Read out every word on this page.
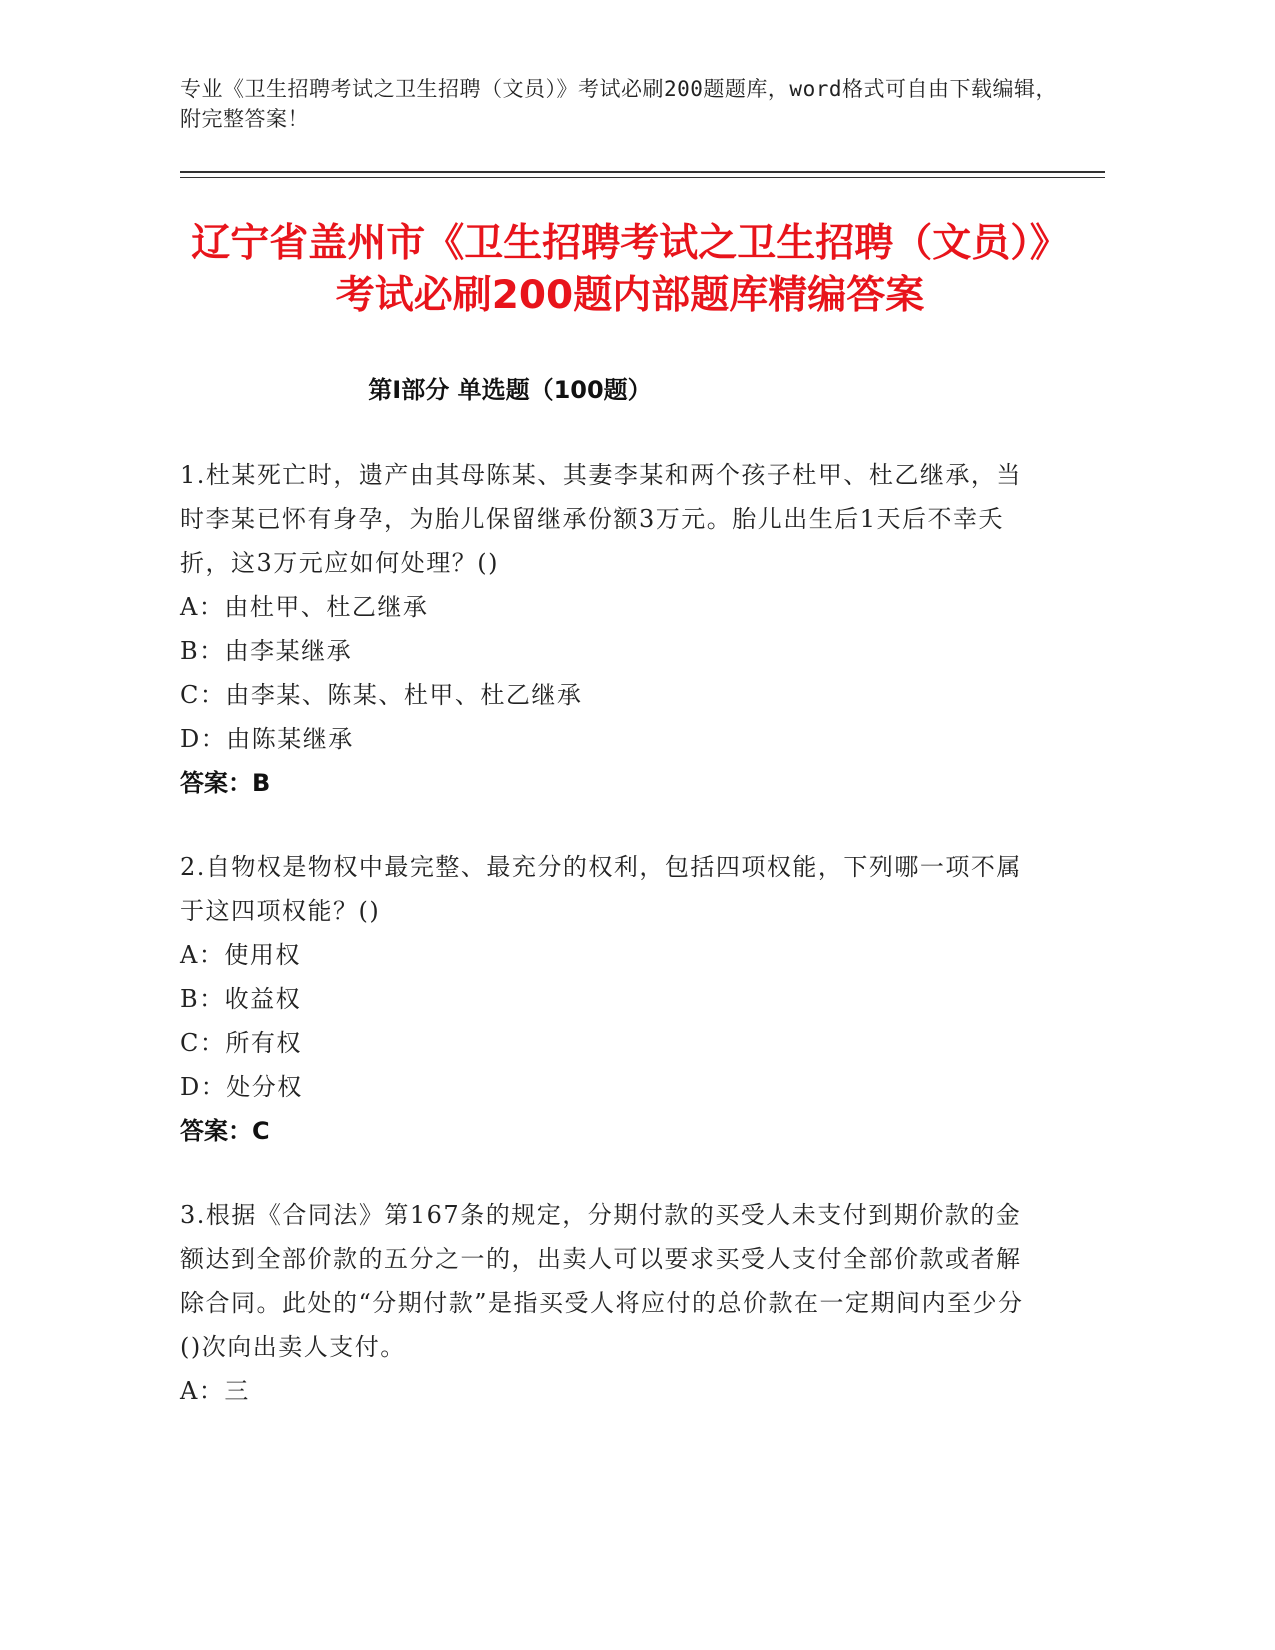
专业《卫生招聘考试之卫生招聘（文员）》考试必刷200题题库，word格式可自由下载编辑，附完整答案！
辽宁省盖州市《卫生招聘考试之卫生招聘（文员）》考试必刷200题内部题库精编答案
第I部分 单选题（100题）
1.杜某死亡时，遗产由其母陈某、其妻李某和两个孩子杜甲、杜乙继承，当时李某已怀有身孕，为胎儿保留继承份额3万元。胎儿出生后1天后不幸夭折，这3万元应如何处理？()
A：由杜甲、杜乙继承
B：由李某继承
C：由李某、陈某、杜甲、杜乙继承
D：由陈某继承
答案：B
2.自物权是物权中最完整、最充分的权利，包括四项权能，下列哪一项不属于这四项权能？()
A：使用权
B：收益权
C：所有权
D：处分权
答案：C
3.根据《合同法》第167条的规定，分期付款的买受人未支付到期价款的金额达到全部价款的五分之一的，出卖人可以要求买受人支付全部价款或者解除合同。此处的“分期付款”是指买受人将应付的总价款在一定期间内至少分()次向出卖人支付。
A：三
